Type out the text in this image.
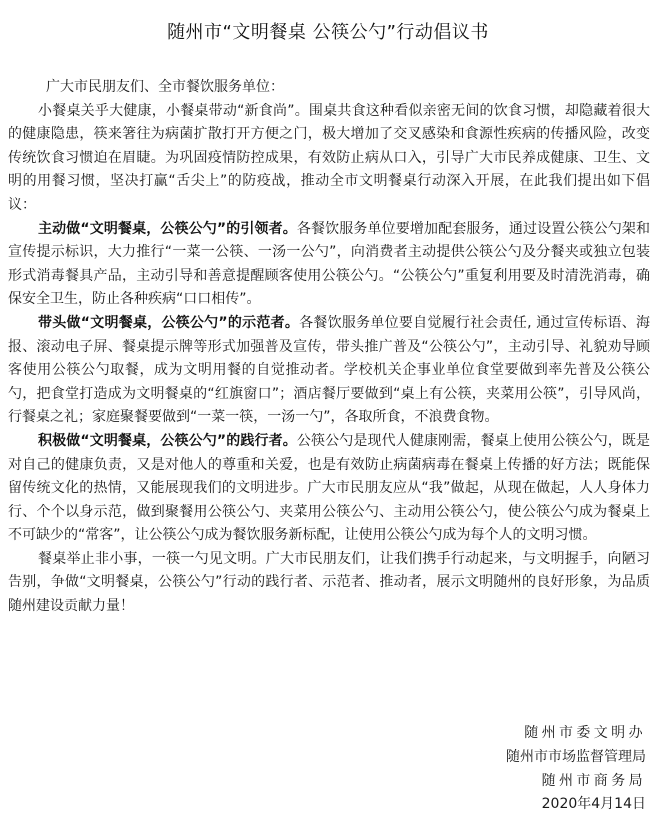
随州市“文明餐桌 公筷公勺”行动倡议书

广大市民朋友们、全市餐饮服务单位：

小餐桌关乎大健康，小餐桌带动“新食尚”。围桌共食这种看似亲密无间的饮食习惯，却隐藏着很大的健康隐患，筷来箸往为病菌扩散打开方便之门，极大增加了交叉感染和食源性疾病的传播风险，改变传统饮食习惯迫在眉睫。为巩固疫情防控成果，有效防止病从口入，引导广大市民养成健康、卫生、文明的用餐习惯，坚决打赢“舌尖上”的防疫战，推动全市文明餐桌行动深入开展，在此我们提出如下倡议：

主动做“文明餐桌，公筷公勺”的引领者。各餐饮服务单位要增加配套服务，通过设置公筷公勺架和宣传提示标识，大力推行“一菜一公筷、一汤一公勺”，向消费者主动提供公筷公勺及分餐夹或独立包装形式消毒餐具产品，主动引导和善意提醒顾客使用公筷公勺。“公筷公勺”重复利用要及时清洗消毒，确保安全卫生，防止各种疾病“口口相传”。

带头做“文明餐桌，公筷公勺”的示范者。各餐饮服务单位要自觉履行社会责任, 通过宣传标语、海报、滚动电子屏、餐桌提示牌等形式加强普及宣传，带头推广普及“公筷公勺”，主动引导、礼貌劝导顾客使用公筷公勺取餐，成为文明用餐的自觉推动者。学校机关企事业单位食堂要做到率先普及公筷公勺，把食堂打造成为文明餐桌的“红旗窗口”；酒店餐厅要做到“桌上有公筷，夹菜用公筷”，引导风尚，行餐桌之礼；家庭聚餐要做到“一菜一筷，一汤一勺”，各取所食，不浪费食物。

积极做“文明餐桌，公筷公勺”的践行者。公筷公勺是现代人健康刚需，餐桌上使用公筷公勺，既是对自己的健康负责，又是对他人的尊重和关爱，也是有效防止病菌病毒在餐桌上传播的好方法；既能保留传统文化的热情，又能展现我们的文明进步。广大市民朋友应从“我”做起，从现在做起，人人身体力行、个个以身示范，做到聚餐用公筷公勺、夹菜用公筷公勺、主动用公筷公勺，使公筷公勺成为餐桌上不可缺少的“常客”，让公筷公勺成为餐饮服务新标配，让使用公筷公勺成为每个人的文明习惯。

餐桌举止非小事，一筷一勺见文明。广大市民朋友们，让我们携手行动起来，与文明握手，向陋习告别，争做“文明餐桌，公筷公勺”行动的践行者、示范者、推动者，展示文明随州的良好形象，为品质随州建设贡献力量！

随州市委文明办
随州市市场监督管理局
随州市商务局
2020年4月14日
